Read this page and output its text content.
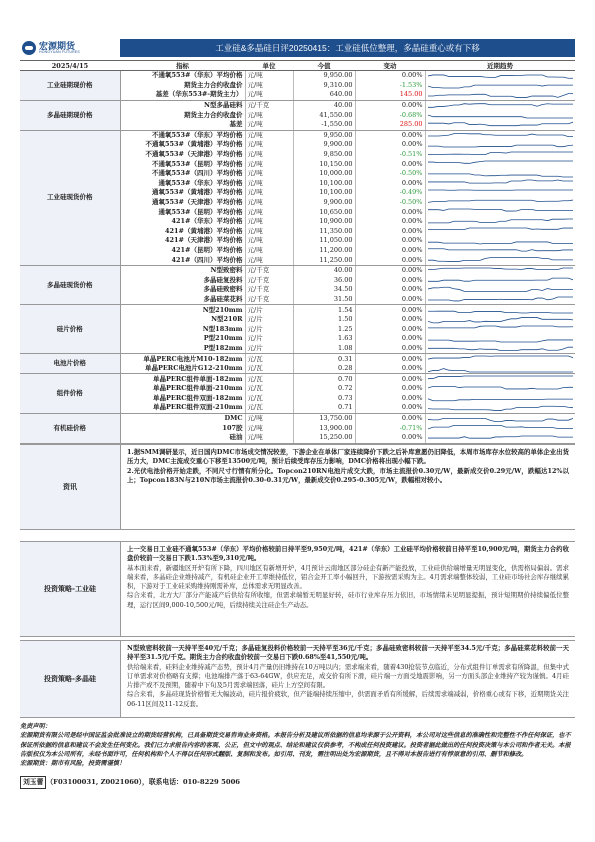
宏源期货
HONGYUAN FUTURES	工业硅&多晶硅日评20250415：工业硅低位整理，多晶硅重心或有下移
2025/4/15	指标	单位	今值	变动	近期趋势
工业硅期现价格	不通氧553#（华东）平均价格	元/吨	9,950.00	0.00%	

	期货主力合约收盘价	元/吨	9,310.00	-1.53%	

	基差（华东553#-期货主力）	元/吨	640.00	145.00	

多晶硅期现价格	N型多晶硅料	元/千克	40.00	0.00%	

	期货主力合约收盘价	元/吨	41,550.00	-0.68%	

	基差	元/吨	-1,550.00	285.00	

工业硅现货价格	不通氧553#（华东）平均价格	元/吨	9,950.00	0.00%	

	不通氧553#（黄埔港）平均价格	元/吨	9,900.00	0.00%	

	不通氧553#（天津港）平均价格	元/吨	9,850.00	-0.51%	

	不通氧553#（昆明）平均价格	元/吨	10,150.00	0.00%	

	不通氧553#（四川）平均价格	元/吨	10,000.00	-0.50%	

	通氧553#（华东）平均价格	元/吨	10,100.00	0.00%	

	通氧553#（黄埔港）平均价格	元/吨	10,100.00	-0.49%	

	通氧553#（天津港）平均价格	元/吨	9,900.00	-0.50%	

	通氧553#（昆明）平均价格	元/吨	10,650.00	0.00%	

	421#（华东）平均价格	元/吨	10,900.00	0.00%	

	421#（黄埔港）平均价格	元/吨	11,350.00	0.00%	

	421#（天津港）平均价格	元/吨	11,050.00	0.00%	

	421#（昆明）平均价格	元/吨	11,200.00	0.00%	

	421#（四川）平均价格	元/吨	11,250.00	0.00%	

多晶硅现货价格	N型致密料	元/千克	40.00	0.00%	

	多晶硅复投料	元/千克	36.00	0.00%	

	多晶硅致密料	元/千克	34.50	0.00%	

	多晶硅菜花料	元/千克	31.50	0.00%	

硅片价格	N型210mm	元/片	1.54	0.00%	

	N型210R	元/片	1.50	0.00%	

	N型183mm	元/片	1.25	0.00%	

	P型210mm	元/片	1.63	0.00%	

	P型182mm	元/片	1.08	0.00%	

电池片价格	单晶PERC电池片M10-182mm	元/瓦	0.31	0.00%	

	单晶PERC电池片G12-210mm	元/瓦	0.28	0.00%	

组件价格	单晶PERC组件单面-182mm	元/瓦	0.70	0.00%	

	单晶PERC组件单面-210mm	元/瓦	0.72	0.00%	

	单晶PERC组件双面-182mm	元/瓦	0.73	0.00%	

	单晶PERC组件双面-210mm	元/瓦	0.71	0.00%	

有机硅价格	DMC	元/吨	13,750.00	0.00%	

	107胶	元/吨	13,900.00	-0.71%	

	硅油	元/吨	15,250.00	0.00%	
资讯

1.据SMM调研显示，近日国内DMC市场成交情况较差，下游企业在单体厂家连续降价下跌之后补库意愿仍旧降低，本周市场库存水位较高的单体企业出货压力大，DMC主流成交重心下移至13500元/吨，预计后续受库存压力影响，DMC价格将出现小幅下跌。

2.光伏电池价格开始走跌，不同尺寸行情有所分化。Topcon210RN电池片成交大跌，市场主流报价0.30元/W，最新成交价0.29元/W，跌幅达12%以上；Topcon183N与210N市场主流报价0.30-0.31元/W，最新成交价0.295-0.305元/W，跌幅相对较小。

投资策略-工业硅

上一交易日工业硅不通氧553#（华东）平均价格较前日持平至9,950元/吨，421#（华东）工业硅平均价格较前日持平至10,900元/吨，期货主力合约收盘价较前一交易日下跌1.53%至9,310元/吨。

基本面来看，新疆地区开炉有所下降，四川地区有新增开炉，4月预计云南地区部分硅企有新产能投放，工业硅供给端增量无明显变化，供需格局偏弱。需求端来看，多晶硅企业维持减产，有机硅企业开工率维持低位，铝合金开工率小幅回升，下游按需采购为主。4月需求端整体较弱，工业硅市场社会库存继续累积，下游对于工业硅采购维持刚需补库，总体需求无明显改善。

综合来看，北方大厂部分产能减产后供给有所收缩，但需求端暂无明显好转，硅市行业库存压力依旧，市场情绪未见明显提振，预计短期期价持续偏低位整理，运行区间9,000-10,500元/吨，后续持续关注硅企生产动态。

投资策略-多晶硅

N型致密料较前一天持平至40元/千克；多晶硅复投料价格较前一天持平至36元/千克；多晶硅致密料较前一天持平至34.5元/千克；多晶硅菜花料较前一天持平至31.5元/千克。期货主力合约收盘价较前一交易日下跌0.68%至41,550元/吨。

供给端来看，硅料企业维持减产态势，预计4月产量仍旧维持在10万吨以内；需求端来看，随着430抢装节点临近，分布式组件订单需求有所降温，但集中式订单需求对价格略有支撑；电池端排产落于63-64GW，供应充足，成交价有所下滑，硅片端一方面受地震影响，另一方面头部企业维持产较为谨慎。4月硅片排产或不及预期，随着中下旬及5月需求端回落，硅片上方空间有限。

综合来看，多晶硅现货价格暂无大幅波动，硅片报价疲软，但产能端持续压缩中，供需面矛盾有所缓解，后续需求端减弱，价格重心或有下移，近期期货关注06-11区间及11-12反套。

免责声明：

宏源期货有限公司是经中国证监会批准设立的期货经营机构，已具备期货交易咨询业务资格。本报告分析及建议所依据的信息均来源于公开资料，本公司对这些信息的准确性和完整性不作任何保证，也不保证所依据的信息和建议不会发生任何变化。我们已力求报告内容的客观、公正，但文中的观点、结论和建议仅供参考，不构成任何投资建议。投资者据此做出的任何投资决策与本公司和作者无关。本报告版权仅为本公司所有，未经书面许可，任何机构和个人不得以任何形式翻版、复制和发布。如引用、刊发，需注明出处为宏源期货，且不得对本报告进行有悖原意的引用、删节和修改。

宏源期货：期市有风险，投资需谨慎！

刘玉蕾 （F03100031, Z0021060），联系电话：010-8229 5006
